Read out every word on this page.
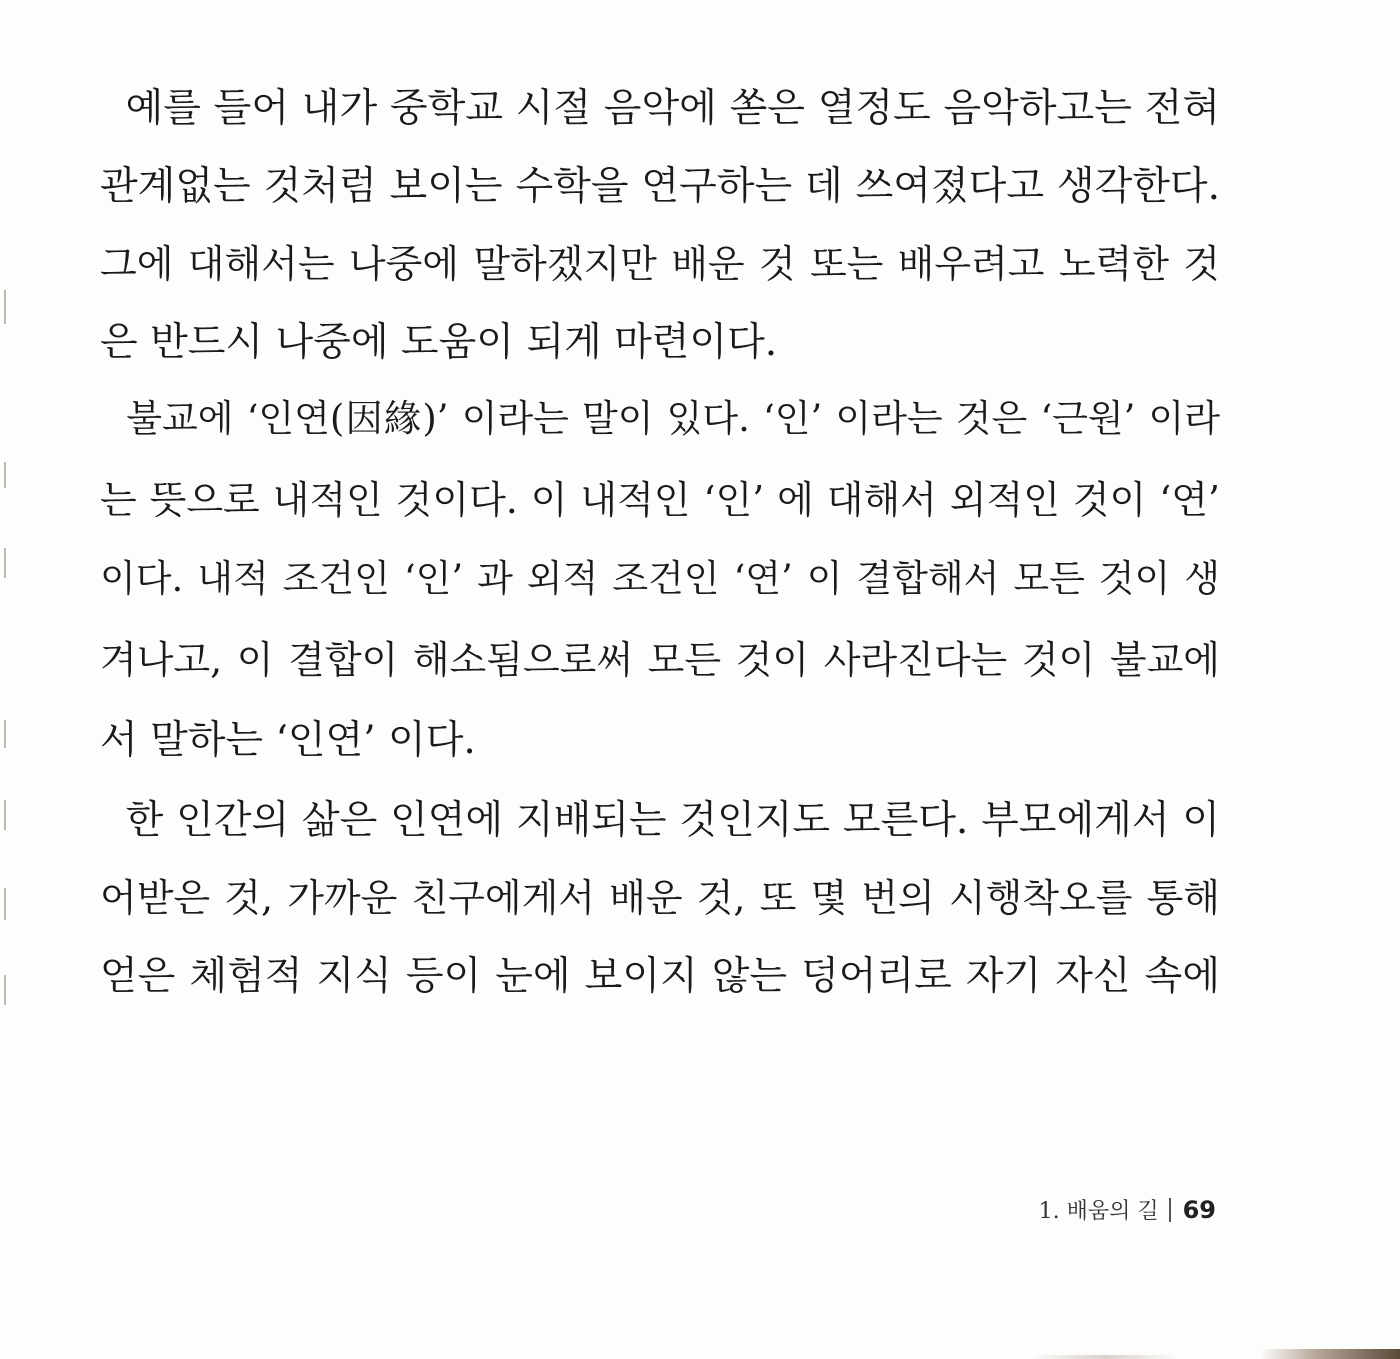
예를 들어 내가 중학교 시절 음악에 쏟은 열정도 음악하고는 전혀

관계없는 것처럼 보이는 수학을 연구하는 데 쓰여졌다고 생각한다.

그에 대해서는 나중에 말하겠지만 배운 것 또는 배우려고 노력한 것

은 반드시 나중에 도움이 되게 마련이다.

불교에 ‘인연(因緣)’ 이라는 말이 있다. ‘인’ 이라는 것은 ‘근원’ 이라

는 뜻으로 내적인 것이다. 이 내적인 ‘인’ 에 대해서 외적인 것이 ‘연’

이다. 내적 조건인 ‘인’ 과 외적 조건인 ‘연’ 이 결합해서 모든 것이 생

겨나고, 이 결합이 해소됨으로써 모든 것이 사라진다는 것이 불교에

서 말하는 ‘인연’ 이다.

한 인간의 삶은 인연에 지배되는 것인지도 모른다. 부모에게서 이

어받은 것, 가까운 친구에게서 배운 것, 또 몇 번의 시행착오를 통해

얻은 체험적 지식 등이 눈에 보이지 않는 덩어리로 자기 자신 속에

1. 배움의 길 69
